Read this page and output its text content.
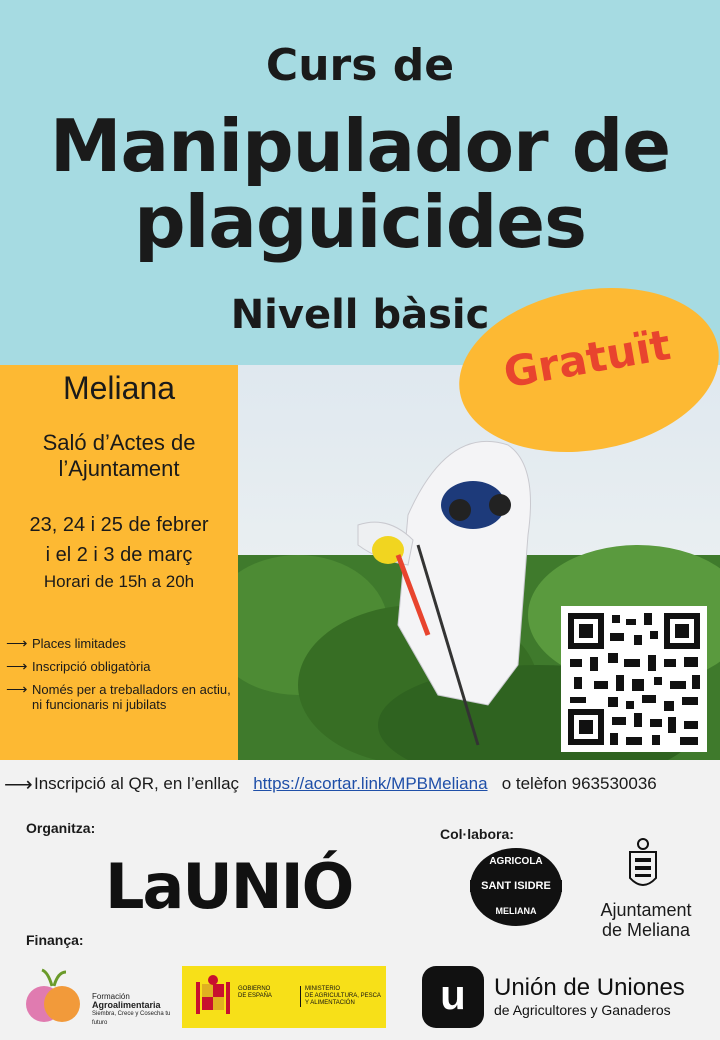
Curs de
Manipulador de
plaguicides
Nivell bàsic
Gratuït
Meliana
Saló d’Actes de
l’Ajuntament
23, 24 i 25 de febrer
i el 2 i 3 de març
Horari de 15h a 20h
⟶ Places limitades
⟶ Inscripció obligatòria
⟶ Només per a treballadors en actiu, ni funcionaris ni jubilats
⟶ Inscripció al QR, en l’enllaç https://acortar.link/MPBMeliana o telèfon 963530036
Organitza:	Col·labora:
Finança:
LaUNIÓ	AGRICOLA
SANT ISIDRE
MELIANA	Ajuntament
de Meliana
Formación
Agroalimentaria
Siembra, Crece y Cosecha tu futuro
GOBIERNO
DE ESPAÑA
MINISTERIO
DE AGRICULTURA, PESCA
Y ALIMENTACIÓN	u	Unión de Uniones
de Agricultores y Ganaderos
